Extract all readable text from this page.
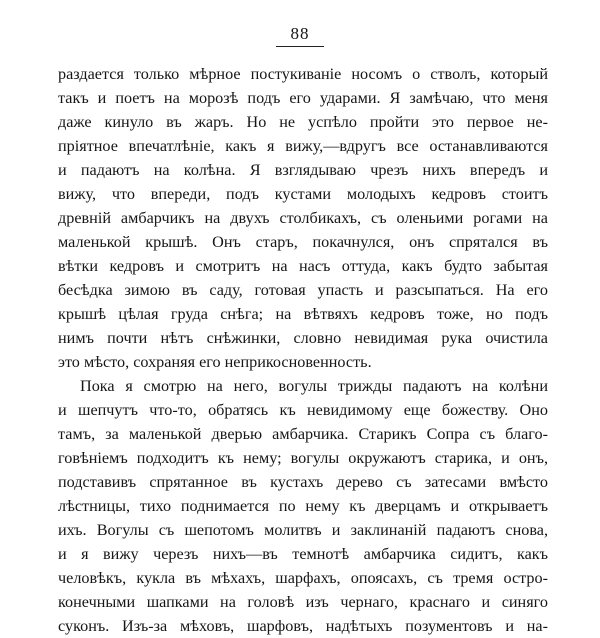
88
раздается только мѣрное постукиваніе носомъ о стволъ, который
такъ и поетъ на морозѣ подъ его ударами. Я замѣчаю, что меня
даже кинуло въ жаръ. Но не успѣло пройти это первое не-
пріятное впечатлѣніе, какъ я вижу,—вдругъ все останавливаются
и падаютъ на колѣна. Я взглядываю чрезъ нихъ впередъ и
вижу, что впереди, подъ кустами молодыхъ кедровъ стоитъ
древній амбарчикъ на двухъ столбикахъ, съ оленьими рогами на
маленькой крышѣ. Онъ старъ, покачнулся, онъ спрятался въ
вѣтки кедровъ и смотритъ на насъ оттуда, какъ будто забытая
бесѣдка зимою въ саду, готовая упасть и разсыпаться. На его
крышѣ цѣлая груда снѣга; на вѣтвяхъ кедровъ тоже, но подъ
нимъ почти нѣтъ снѣжинки, словно невидимая рука очистила
это мѣсто, сохраняя его неприкосновенность.
Пока я смотрю на него, вогулы трижды падаютъ на колѣни
и шепчутъ что-то, обратясь къ невидимому еще божеству. Оно
тамъ, за маленькой дверью амбарчика. Старикъ Сопра съ благо-
говѣніемъ подходитъ къ нему; вогулы окружаютъ старика, и онъ,
подставивъ спрятанное въ кустахъ дерево съ затесами вмѣсто
лѣстницы, тихо поднимается по нему къ дверцамъ и открываетъ
ихъ. Вогулы съ шепотомъ молитвъ и заклинаній падаютъ снова,
и я вижу черезъ нихъ—въ темнотѣ амбарчика сидитъ, какъ
человѣкъ, кукла въ мѣхахъ, шарфахъ, опоясахъ, съ тремя остро-
конечными шапками на головѣ изъ чернаго, краснаго и синяго
суконъ. Изъ-за мѣховъ, шарфовъ, надѣтыхъ позументовъ и на-
